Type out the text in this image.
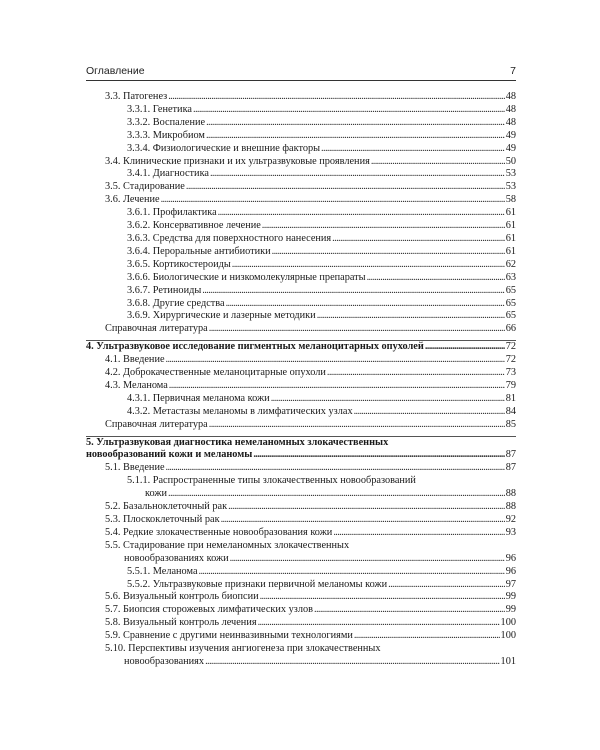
Оглавление	7
3.3. Патогенез . . .	48
3.3.1. Генетика . . .	48
3.3.2. Воспаление . . .	48
3.3.3. Микробиом . . .	49
3.3.4. Физиологические и внешние факторы . . .	49
3.4. Клинические признаки и их ультразвуковые проявления . . .	50
3.4.1. Диагностика . . .	53
3.5. Стадирование . . .	53
3.6. Лечение . . .	58
3.6.1. Профилактика . . .	61
3.6.2. Консервативное лечение . . .	61
3.6.3. Средства для поверхностного нанесения . . .	61
3.6.4. Пероральные антибиотики . . .	61
3.6.5. Кортикостероиды . . .	62
3.6.6. Биологические и низкомолекулярные препараты . . .	63
3.6.7. Ретиноиды . . .	65
3.6.8. Другие средства . . .	65
3.6.9. Хирургические и лазерные методики . . .	65
Справочная литература . . .	66
4. Ультразвуковое исследование пигментных меланоцитарных опухолей . . .	72
4.1. Введение . . .	72
4.2. Доброкачественные меланоцитарные опухоли . . .	73
4.3. Меланома . . .	79
4.3.1. Первичная меланома кожи . . .	81
4.3.2. Метастазы меланомы в лимфатических узлах . . .	84
Справочная литература . . .	85
5. Ультразвуковая диагностика немеланомных злокачественных
новообразований кожи и меланомы . . .	87
5.1. Введение . . .	87
5.1.1. Распространенные типы злокачественных новообразований
кожи . . .	88
5.2. Базальноклеточный рак . . .	88
5.3. Плоскоклеточный рак . . .	92
5.4. Редкие злокачественные новообразования кожи . . .	93
5.5. Стадирование при немеланомных злокачественных
новообразованиях кожи . . .	96
5.5.1. Меланома . . .	96
5.5.2. Ультразвуковые признаки первичной меланомы кожи . . .	97
5.6. Визуальный контроль биопсии . . .	99
5.7. Биопсия сторожевых лимфатических узлов . . .	99
5.8. Визуальный контроль лечения . . .	100
5.9. Сравнение с другими неинвазивными технологиями . . .	100
5.10. Перспективы изучения ангиогенеза при злокачественных
новообразованиях . . .	101
